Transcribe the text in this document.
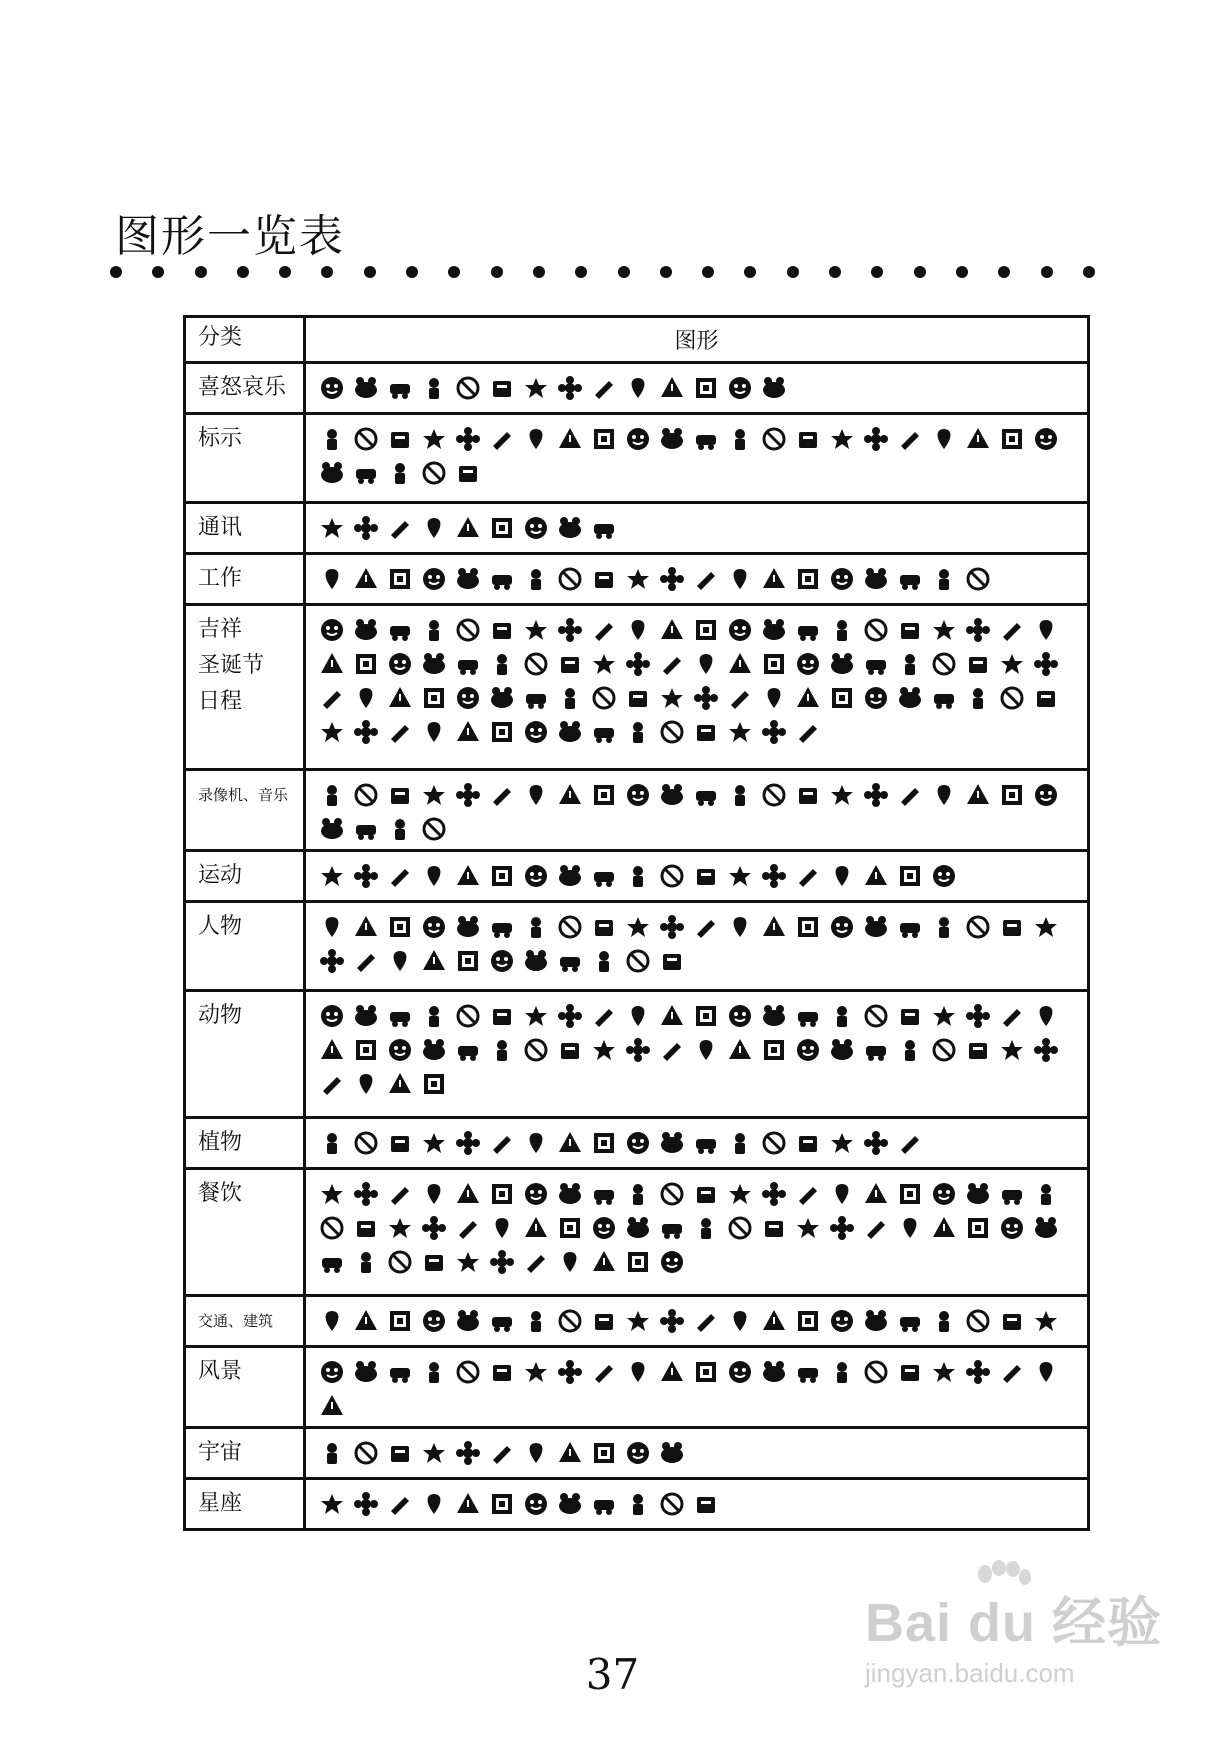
图形一览表
分类	图形
喜怒哀乐
标示
通讯
工作
吉祥
圣诞节
日程
录像机、音乐
运动
人物
动物
植物
餐饮
交通、建筑
风景
宇宙
星座
37
Bai du 经验
jingyan.baidu.com
